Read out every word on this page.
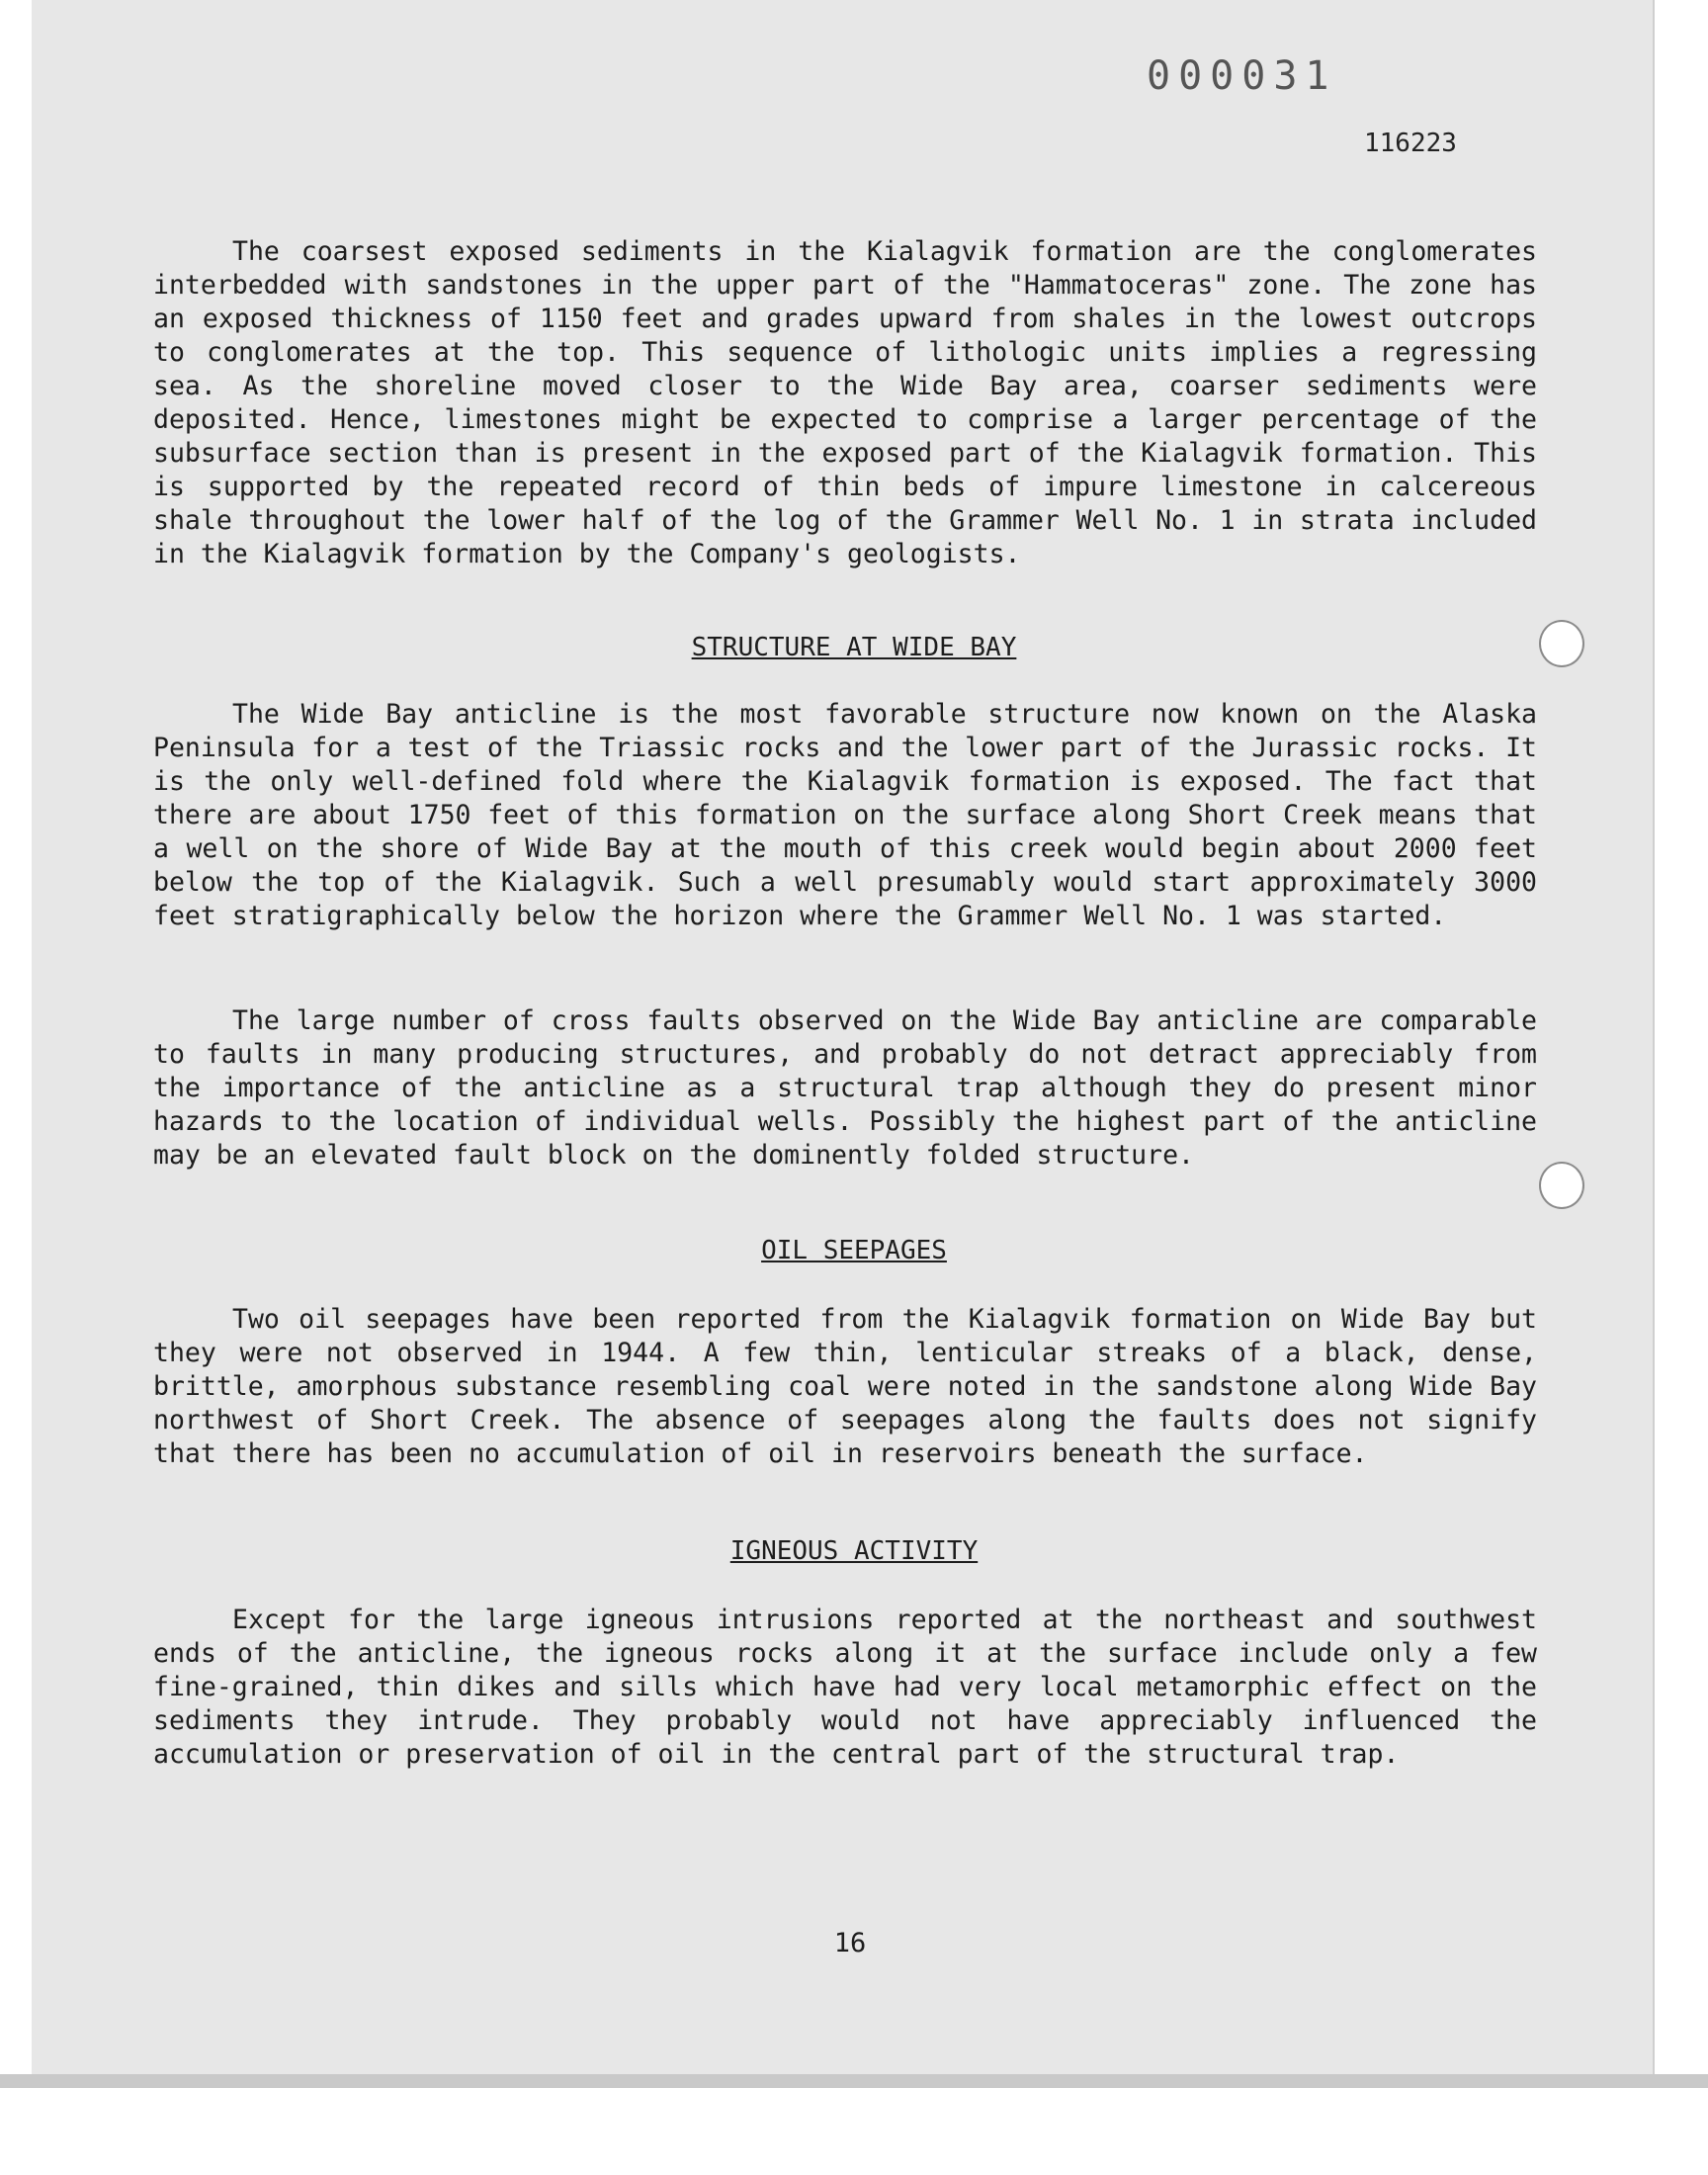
000031
116223

The coarsest exposed sediments in the Kialagvik formation are the conglomerates interbedded with sandstones in the upper part of the "Hammatoceras" zone. The zone has an exposed thickness of 1150 feet and grades upward from shales in the lowest outcrops to conglomerates at the top. This sequence of lithologic units implies a regressing sea. As the shoreline moved closer to the Wide Bay area, coarser sediments were deposited. Hence, limestones might be expected to comprise a larger percentage of the subsurface section than is present in the exposed part of the Kialagvik formation. This is supported by the repeated record of thin beds of impure limestone in calcereous shale throughout the lower half of the log of the Grammer Well No. 1 in strata included in the Kialagvik formation by the Company's geologists.

STRUCTURE AT WIDE BAY

The Wide Bay anticline is the most favorable structure now known on the Alaska Peninsula for a test of the Triassic rocks and the lower part of the Jurassic rocks. It is the only well-defined fold where the Kialagvik formation is exposed. The fact that there are about 1750 feet of this formation on the surface along Short Creek means that a well on the shore of Wide Bay at the mouth of this creek would begin about 2000 feet below the top of the Kialagvik. Such a well presumably would start approximately 3000 feet stratigraphically below the horizon where the Grammer Well No. 1 was started.

The large number of cross faults observed on the Wide Bay anticline are comparable to faults in many producing structures, and probably do not detract appreciably from the importance of the anticline as a structural trap although they do present minor hazards to the location of individual wells. Possibly the highest part of the anticline may be an elevated fault block on the dominently folded structure.

OIL SEEPAGES

Two oil seepages have been reported from the Kialagvik formation on Wide Bay but they were not observed in 1944. A few thin, lenticular streaks of a black, dense, brittle, amorphous substance resembling coal were noted in the sandstone along Wide Bay northwest of Short Creek. The absence of seepages along the faults does not signify that there has been no accumulation of oil in reservoirs beneath the surface.

IGNEOUS ACTIVITY

Except for the large igneous intrusions reported at the northeast and southwest ends of the anticline, the igneous rocks along it at the surface include only a few fine-grained, thin dikes and sills which have had very local metamorphic effect on the sediments they intrude. They probably would not have appreciably influenced the accumulation or preservation of oil in the central part of the structural trap.

16
